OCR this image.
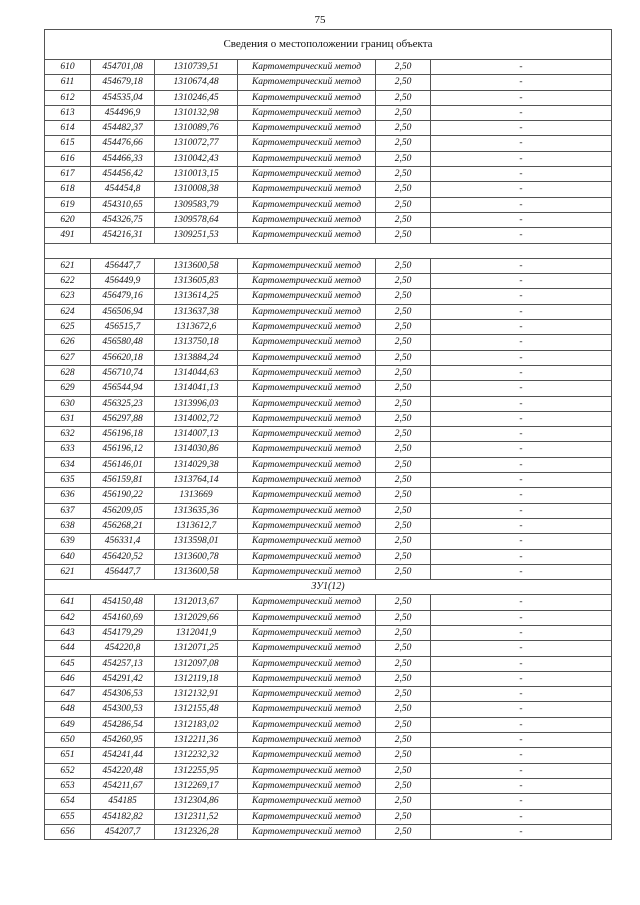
75
Сведения о местоположении границ объекта					
610	454701,08	1310739,51	Картометрический метод	2,50	-
611	454679,18	1310674,48	Картометрический метод	2,50	-
612	454535,04	1310246,45	Картометрический метод	2,50	-
613	454496,9	1310132,98	Картометрический метод	2,50	-
614	454482,37	1310089,76	Картометрический метод	2,50	-
615	454476,66	1310072,77	Картометрический метод	2,50	-
616	454466,33	1310042,43	Картометрический метод	2,50	-
617	454456,42	1310013,15	Картометрический метод	2,50	-
618	454454,8	1310008,38	Картометрический метод	2,50	-
619	454310,65	1309583,79	Картометрический метод	2,50	-
620	454326,75	1309578,64	Картометрический метод	2,50	-
491	454216,31	1309251,53	Картометрический метод	2,50	-

621	456447,7	1313600,58	Картометрический метод	2,50	-
622	456449,9	1313605,83	Картометрический метод	2,50	-
623	456479,16	1313614,25	Картометрический метод	2,50	-
624	456506,94	1313637,38	Картометрический метод	2,50	-
625	456515,7	1313672,6	Картометрический метод	2,50	-
626	456580,48	1313750,18	Картометрический метод	2,50	-
627	456620,18	1313884,24	Картометрический метод	2,50	-
628	456710,74	1314044,63	Картометрический метод	2,50	-
629	456544,94	1314041,13	Картометрический метод	2,50	-
630	456325,23	1313996,03	Картометрический метод	2,50	-
631	456297,88	1314002,72	Картометрический метод	2,50	-
632	456196,18	1314007,13	Картометрический метод	2,50	-
633	456196,12	1314030,86	Картометрический метод	2,50	-
634	456146,01	1314029,38	Картометрический метод	2,50	-
635	456159,81	1313764,14	Картометрический метод	2,50	-
636	456190,22	1313669	Картометрический метод	2,50	-
637	456209,05	1313635,36	Картометрический метод	2,50	-
638	456268,21	1313612,7	Картометрический метод	2,50	-
639	456331,4	1313598,01	Картометрический метод	2,50	-
640	456420,52	1313600,78	Картометрический метод	2,50	-
621	456447,7	1313600,58	Картометрический метод	2,50	-
ЗУ1(12)					
641	454150,48	1312013,67	Картометрический метод	2,50	-
642	454160,69	1312029,66	Картометрический метод	2,50	-
643	454179,29	1312041,9	Картометрический метод	2,50	-
644	454220,8	1312071,25	Картометрический метод	2,50	-
645	454257,13	1312097,08	Картометрический метод	2,50	-
646	454291,42	1312119,18	Картометрический метод	2,50	-
647	454306,53	1312132,91	Картометрический метод	2,50	-
648	454300,53	1312155,48	Картометрический метод	2,50	-
649	454286,54	1312183,02	Картометрический метод	2,50	-
650	454260,95	1312211,36	Картометрический метод	2,50	-
651	454241,44	1312232,32	Картометрический метод	2,50	-
652	454220,48	1312255,95	Картометрический метод	2,50	-
653	454211,67	1312269,17	Картометрический метод	2,50	-
654	454185	1312304,86	Картометрический метод	2,50	-
655	454182,82	1312311,52	Картометрический метод	2,50	-
656	454207,7	1312326,28	Картометрический метод	2,50	-
